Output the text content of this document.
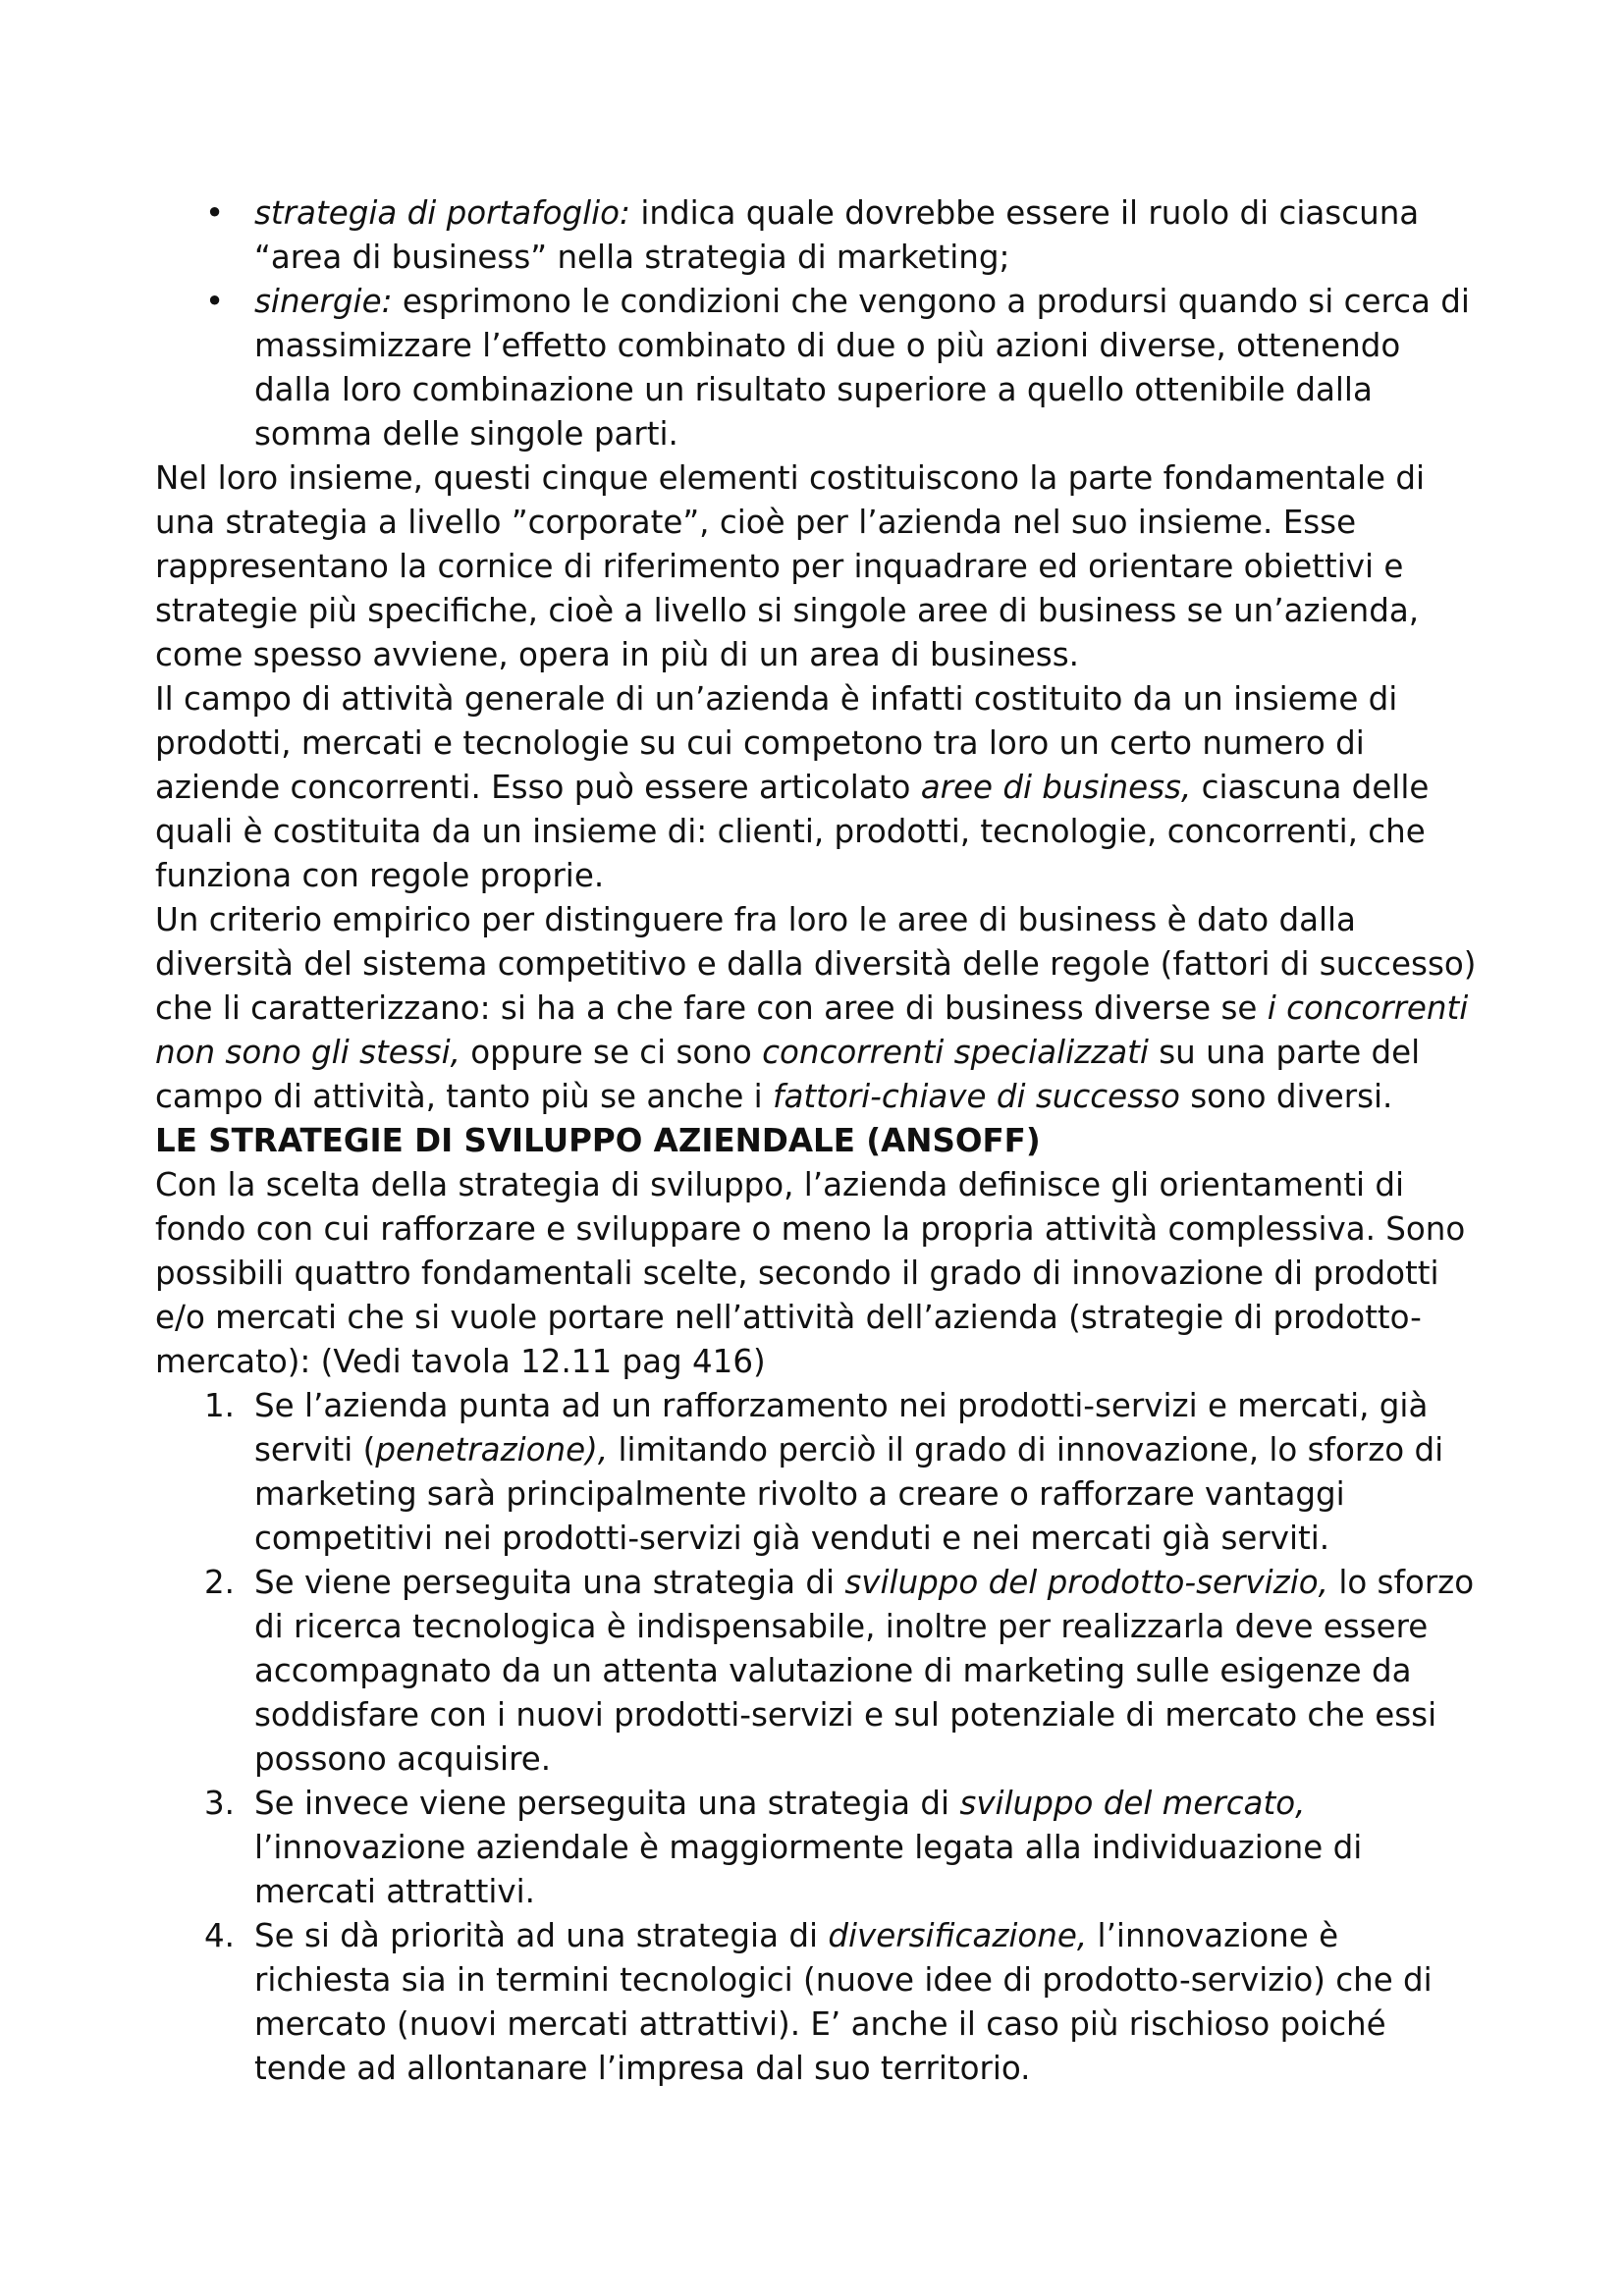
• strategia di portafoglio: indica quale dovrebbe essere il ruolo di ciascuna “area di business” nella strategia di marketing;
• sinergie: esprimono le condizioni che vengono a prodursi quando si cerca di massimizzare l’effetto combinato di due o più azioni diverse, ottenendo dalla loro combinazione un risultato superiore a quello ottenibile dalla somma delle singole parti.

Nel loro insieme, questi cinque elementi costituiscono la parte fondamentale di una strategia a livello ”corporate”, cioè per l’azienda nel suo insieme. Esse rappresentano la cornice di riferimento per inquadrare ed orientare obiettivi e strategie più specifiche, cioè a livello si singole aree di business se un’azienda, come spesso avviene, opera in più di un area di business.

Il campo di attività generale di un’azienda è infatti costituito da un insieme di prodotti, mercati e tecnologie su cui competono tra loro un certo numero di aziende concorrenti. Esso può essere articolato aree di business, ciascuna delle quali è costituita da un insieme di: clienti, prodotti, tecnologie, concorrenti, che funziona con regole proprie.

Un criterio empirico per distinguere fra loro le aree di business è dato dalla diversità del sistema competitivo e dalla diversità delle regole (fattori di successo) che li caratterizzano: si ha a che fare con aree di business diverse se i concorrenti non sono gli stessi, oppure se ci sono concorrenti specializzati su una parte del campo di attività, tanto più se anche i fattori-chiave di successo sono diversi.

LE STRATEGIE DI SVILUPPO AZIENDALE (ANSOFF)

Con la scelta della strategia di sviluppo, l’azienda definisce gli orientamenti di fondo con cui rafforzare e sviluppare o meno la propria attività complessiva. Sono possibili quattro fondamentali scelte, secondo il grado di innovazione di prodotti e/o mercati che si vuole portare nell’attività dell’azienda (strategie di prodotto-mercato): (Vedi tavola 12.11 pag 416)

1. Se l’azienda punta ad un rafforzamento nei prodotti-servizi e mercati, già serviti (penetrazione), limitando perciò il grado di innovazione, lo sforzo di marketing sarà principalmente rivolto a creare o rafforzare vantaggi competitivi nei prodotti-servizi già venduti e nei mercati già serviti.
2. Se viene perseguita una strategia di sviluppo del prodotto-servizio, lo sforzo di ricerca tecnologica è indispensabile, inoltre per realizzarla deve essere accompagnato da un attenta valutazione di marketing sulle esigenze da soddisfare con i nuovi prodotti-servizi e sul potenziale di mercato che essi possono acquisire.
3. Se invece viene perseguita una strategia di sviluppo del mercato, l’innovazione aziendale è maggiormente legata alla individuazione di mercati attrattivi.
4. Se si dà priorità ad una strategia di diversificazione, l’innovazione è richiesta sia in termini tecnologici (nuove idee di prodotto-servizio) che di mercato (nuovi mercati attrattivi). E’ anche il caso più rischioso poiché tende ad allontanare l’impresa dal suo territorio.
